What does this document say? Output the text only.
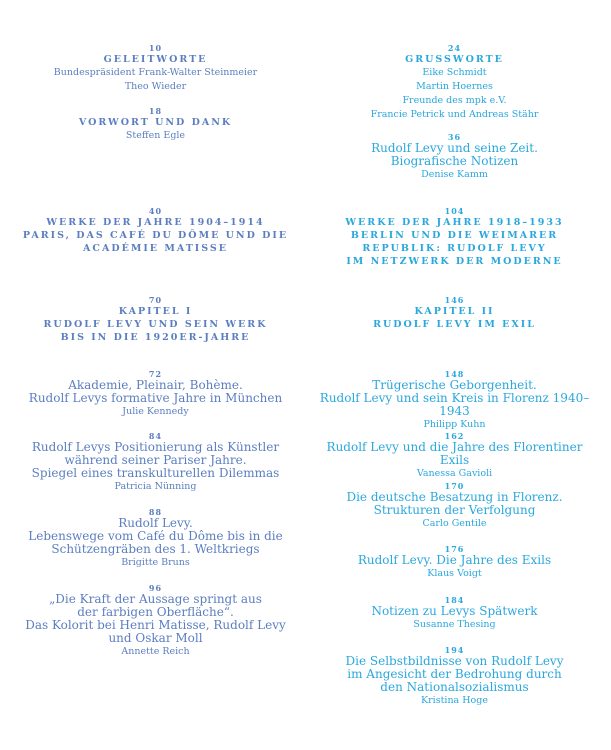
10
GELEITWORTE
Bundespräsident Frank-Walter Steinmeier
Theo Wieder
18
VORWORT UND DANK
Steffen Egle
40
WERKE DER JAHRE 1904–1914
PARIS, DAS CAFÉ DU DÔME UND DIE
ACADÉMIE MATISSE
70
KAPITEL I
RUDOLF LEVY UND SEIN WERK
BIS IN DIE 1920ER-JAHRE
72
Akademie, Pleinair, Bohème.
Rudolf Levys formative Jahre in München
Julie Kennedy
84
Rudolf Levys Positionierung als Künstler
während seiner Pariser Jahre.
Spiegel eines transkulturellen Dilemmas
Patricia Nünning
88
Rudolf Levy.
Lebenswege vom Café du Dôme bis in die
Schützengräben des 1. Weltkriegs
Brigitte Bruns
96
„Die Kraft der Aussage springt aus
der farbigen Oberfläche“.
Das Kolorit bei Henri Matisse, Rudolf Levy
und Oskar Moll
Annette Reich
24
GRUSSWORTE
Eike Schmidt
Martin Hoernes
Freunde des mpk e.V.
Francie Petrick und Andreas Stähr
36
Rudolf Levy und seine Zeit.
Biografische Notizen
Denise Kamm
104
WERKE DER JAHRE 1918–1933
BERLIN UND DIE WEIMARER
REPUBLIK: RUDOLF LEVY
IM NETZWERK DER MODERNE
146
KAPITEL II
RUDOLF LEVY IM EXIL
148
Trügerische Geborgenheit.
Rudolf Levy und sein Kreis in Florenz 1940–1943
Philipp Kuhn
162
Rudolf Levy und die Jahre des Florentiner Exils
Vanessa Gavioli
170
Die deutsche Besatzung in Florenz.
Strukturen der Verfolgung
Carlo Gentile
176
Rudolf Levy. Die Jahre des Exils
Klaus Voigt
184
Notizen zu Levys Spätwerk
Susanne Thesing
194
Die Selbstbildnisse von Rudolf Levy
im Angesicht der Bedrohung durch
den Nationalsozialismus
Kristina Hoge
